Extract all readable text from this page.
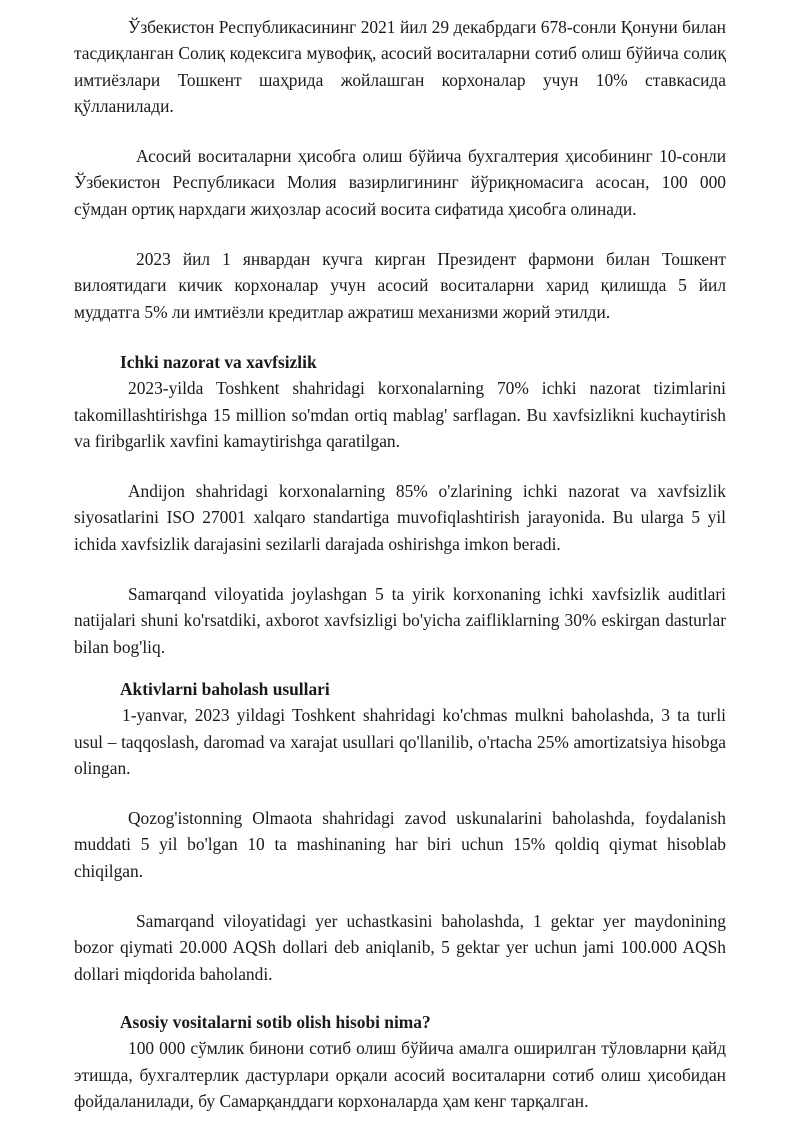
Ўзбекистон Республикасининг 2021 йил 29 декабрдаги 678-сонли Қонуни билан тасдиқланган Солиқ кодексига мувофиқ, асосий воситаларни сотиб олиш бўйича солиқ имтиёзлари Тошкент шаҳрида жойлашган корхоналар учун 10% ставкасида қўлланилади.

Асосий воситаларни ҳисобга олиш бўйича бухгалтерия ҳисобининг 10-сонли Ўзбекистон Республикаси Молия вазирлигининг йўриқномасига асосан, 100 000 сўмдан ортиқ нархдаги жиҳозлар асосий восита сифатида ҳисобга олинади.

2023 йил 1 январдан кучга кирган Президент фармони билан Тошкент вилоятидаги кичик корхоналар учун асосий воситаларни харид қилишда 5 йил муддатга 5% ли имтиёзли кредитлар ажратиш механизми жорий этилди.

Ichki nazorat va xavfsizlik

2023-yilda Toshkent shahridagi korxonalarning 70% ichki nazorat tizimlarini takomillashtirishga 15 million so'mdan ortiq mablag' sarflagan. Bu xavfsizlikni kuchaytirish va firibgarlik xavfini kamaytirishga qaratilgan.

Andijon shahridagi korxonalarning 85% o'zlarining ichki nazorat va xavfsizlik siyosatlarini ISO 27001 xalqaro standartiga muvofiqlashtirish jarayonida. Bu ularga 5 yil ichida xavfsizlik darajasini sezilarli darajada oshirishga imkon beradi.

Samarqand viloyatida joylashgan 5 ta yirik korxonaning ichki xavfsizlik auditlari natijalari shuni ko'rsatdiki, axborot xavfsizligi bo'yicha zaifliklarning 30% eskirgan dasturlar bilan bog'liq.

Aktivlarni baholash usullari

1-yanvar, 2023 yildagi Toshkent shahridagi ko'chmas mulkni baholashda, 3 ta turli usul – taqqoslash, daromad va xarajat usullari qo'llanilib, o'rtacha 25% amortizatsiya hisobga olingan.

Qozog'istonning Olmaota shahridagi zavod uskunalarini baholashda, foydalanish muddati 5 yil bo'lgan 10 ta mashinaning har biri uchun 15% qoldiq qiymat hisoblab chiqilgan.

Samarqand viloyatidagi yer uchastkasini baholashda, 1 gektar yer maydonining bozor qiymati 20.000 AQSh dollari deb aniqlanib, 5 gektar yer uchun jami 100.000 AQSh dollari miqdorida baholandi.

Asosiy vositalarni sotib olish hisobi nima?

100 000 сўмлик бинони сотиб олиш бўйича амалга оширилган тўловларни қайд этишда, бухгалтерлик дастурлари орқали асосий воситаларни сотиб олиш ҳисобидан фойдаланилади, бу Самарқанддаги корхоналарда ҳам кенг тарқалган.
